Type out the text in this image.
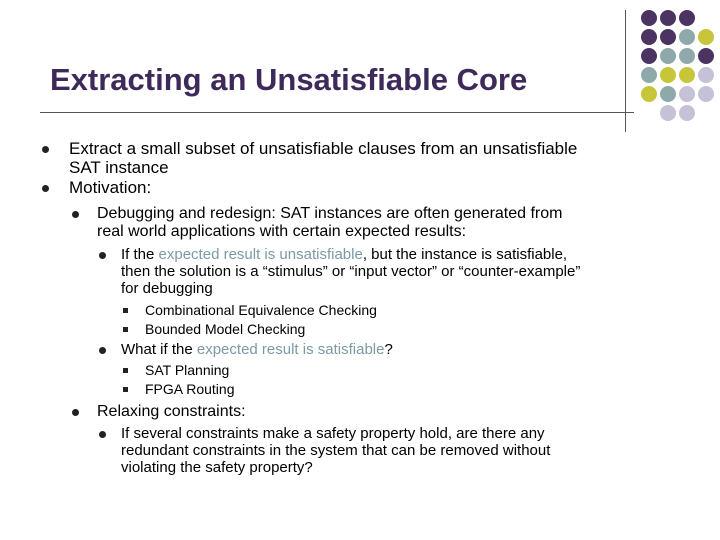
Extracting an Unsatisfiable Core
Extract a small subset of unsatisfiable clauses from an unsatisfiable
SAT instance
Motivation:
Debugging and redesign: SAT instances are often generated from
real world applications with certain expected results:
If the expected result is unsatisfiable, but the instance is satisfiable,
then the solution is a “stimulus” or “input vector” or “counter-example”
for debugging
Combinational Equivalence Checking
Bounded Model Checking
What if the expected result is satisfiable?
SAT Planning
FPGA Routing
Relaxing constraints:
If several constraints make a safety property hold, are there any
redundant constraints in the system that can be removed without
violating the safety property?
